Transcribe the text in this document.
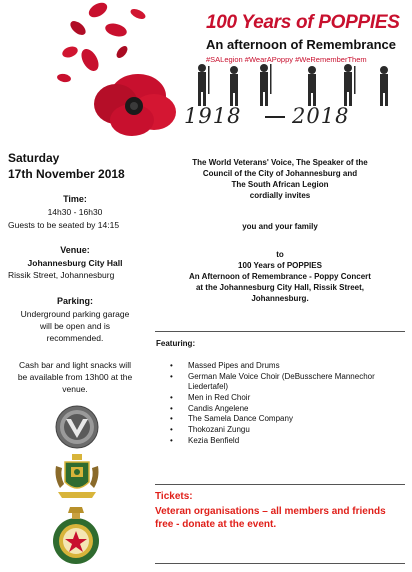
100 Years of POPPIES
An afternoon of Remembrance
#SALegion #WearAPoppy #WeRememberThem
1918 2018
Saturday
17th November 2018
Time:
14h30 - 16h30
Guests to be seated by 14:15
Venue:
Johannesburg City Hall
Rissik Street, Johannesburg
Parking:
Underground parking garage
will be open and is
recommended.
Cash bar and light snacks will
be available from 13h00 at the
venue.
The World Veterans' Voice, The Speaker of the
Council of the City of Johannesburg and
The South African Legion
cordially invites
you and your family
to
100 Years of POPPIES
An Afternoon of Remembrance - Poppy Concert
at the Johannesburg City Hall, Rissik Street,
Johannesburg.
Featuring:
• Massed Pipes and Drums
• German Male Voice Choir (DeBusschere Mannechor Liedertafel)
• Men in Red Choir
• Candis Angelene
• The Samela Dance Company
• Thokozani Zungu
• Kezia Benfield
Tickets:
Veteran organisations – all members and friends free - donate at the event.
